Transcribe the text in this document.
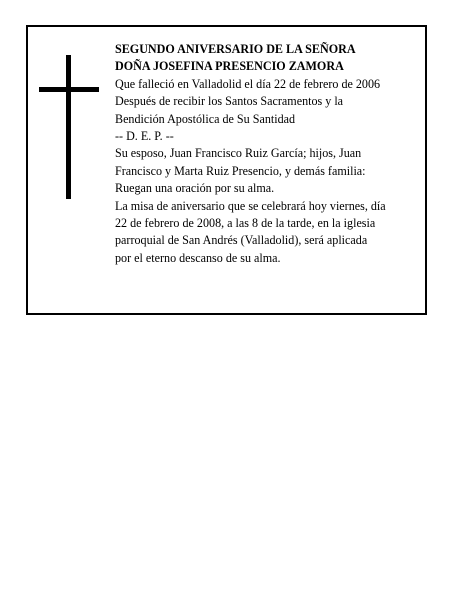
SEGUNDO ANIVERSARIO DE LA SEÑORA
DOÑA JOSEFINA PRESENCIO ZAMORA
Que falleció en Valladolid el día 22 de febrero de 2006
Después de recibir los Santos Sacramentos y la
Bendición Apostólica de Su Santidad
-- D. E. P. --
Su esposo, Juan Francisco Ruiz García; hijos, Juan
Francisco y Marta Ruiz Presencio, y demás familia:
Ruegan una oración por su alma.
La misa de aniversario que se celebrará hoy viernes, día
22 de febrero de 2008, a las 8 de la tarde, en la iglesia
parroquial de San Andrés (Valladolid), será aplicada
por el eterno descanso de su alma.
